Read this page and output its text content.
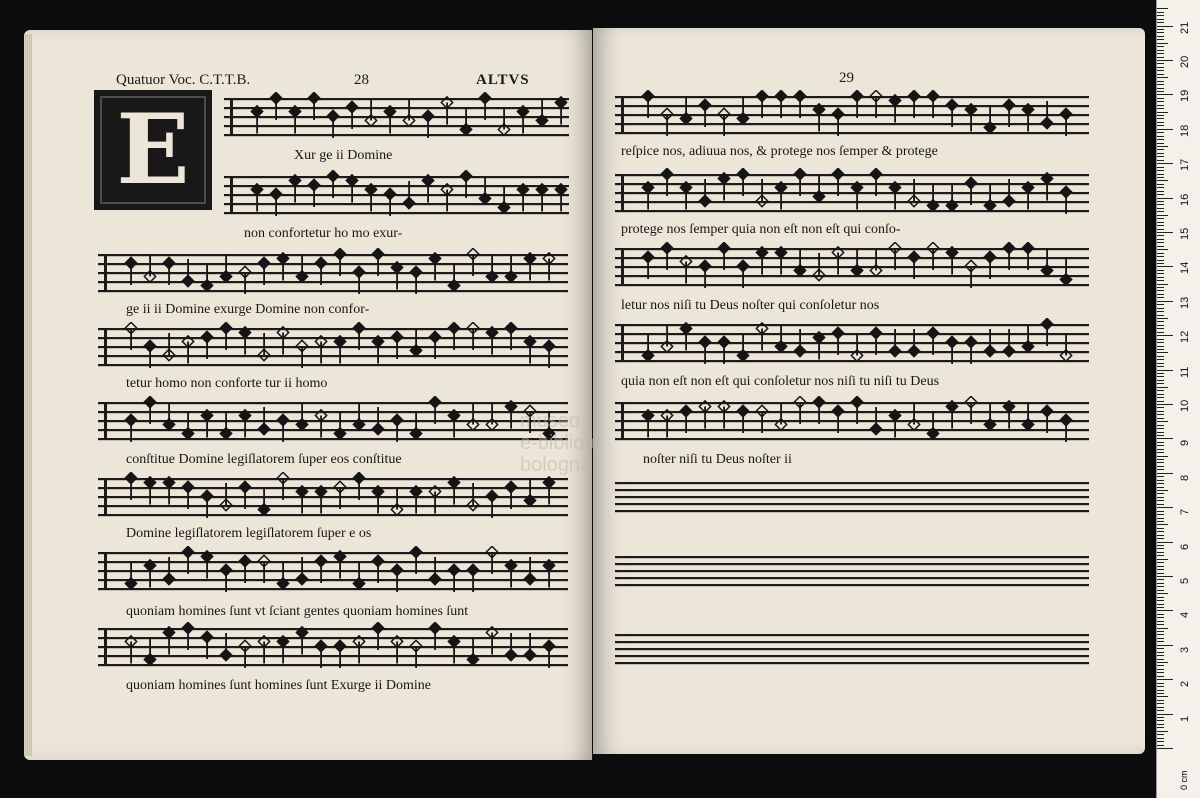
Quatuor Voc. C.T.T.B.	28	ALTVS
E	Xur ge ii Domine
non confortetur ho mo exur-
ge ii ii Domine exurge Domine non confor-
tetur homo non conforte tur ii homo
conſtitue Domine legiſlatorem ſuper eos conſtitue
Domine legiſlatorem legiſlatorem ſuper e os
quoniam homines ſunt vt ſciant gentes quoniam homines ſunt
quoniam homines ſunt homines ſunt Exurge ii Domine
29
reſpice nos, adiuua nos, & protege nos ſemper & protege
protege nos ſemper quia non eſt non eſt qui conſo-
letur nos niſi tu Deus noſter qui conſoletur nos
quia non eſt non eſt qui conſoletur nos niſi tu niſi tu Deus
noſter niſi tu Deus noſter ii
museo
e-bibliote
bologna
0 cm
1
2
3
4
5
6
7
8
9
10
11
12
13
14
15
16
17
18
19
20
21
